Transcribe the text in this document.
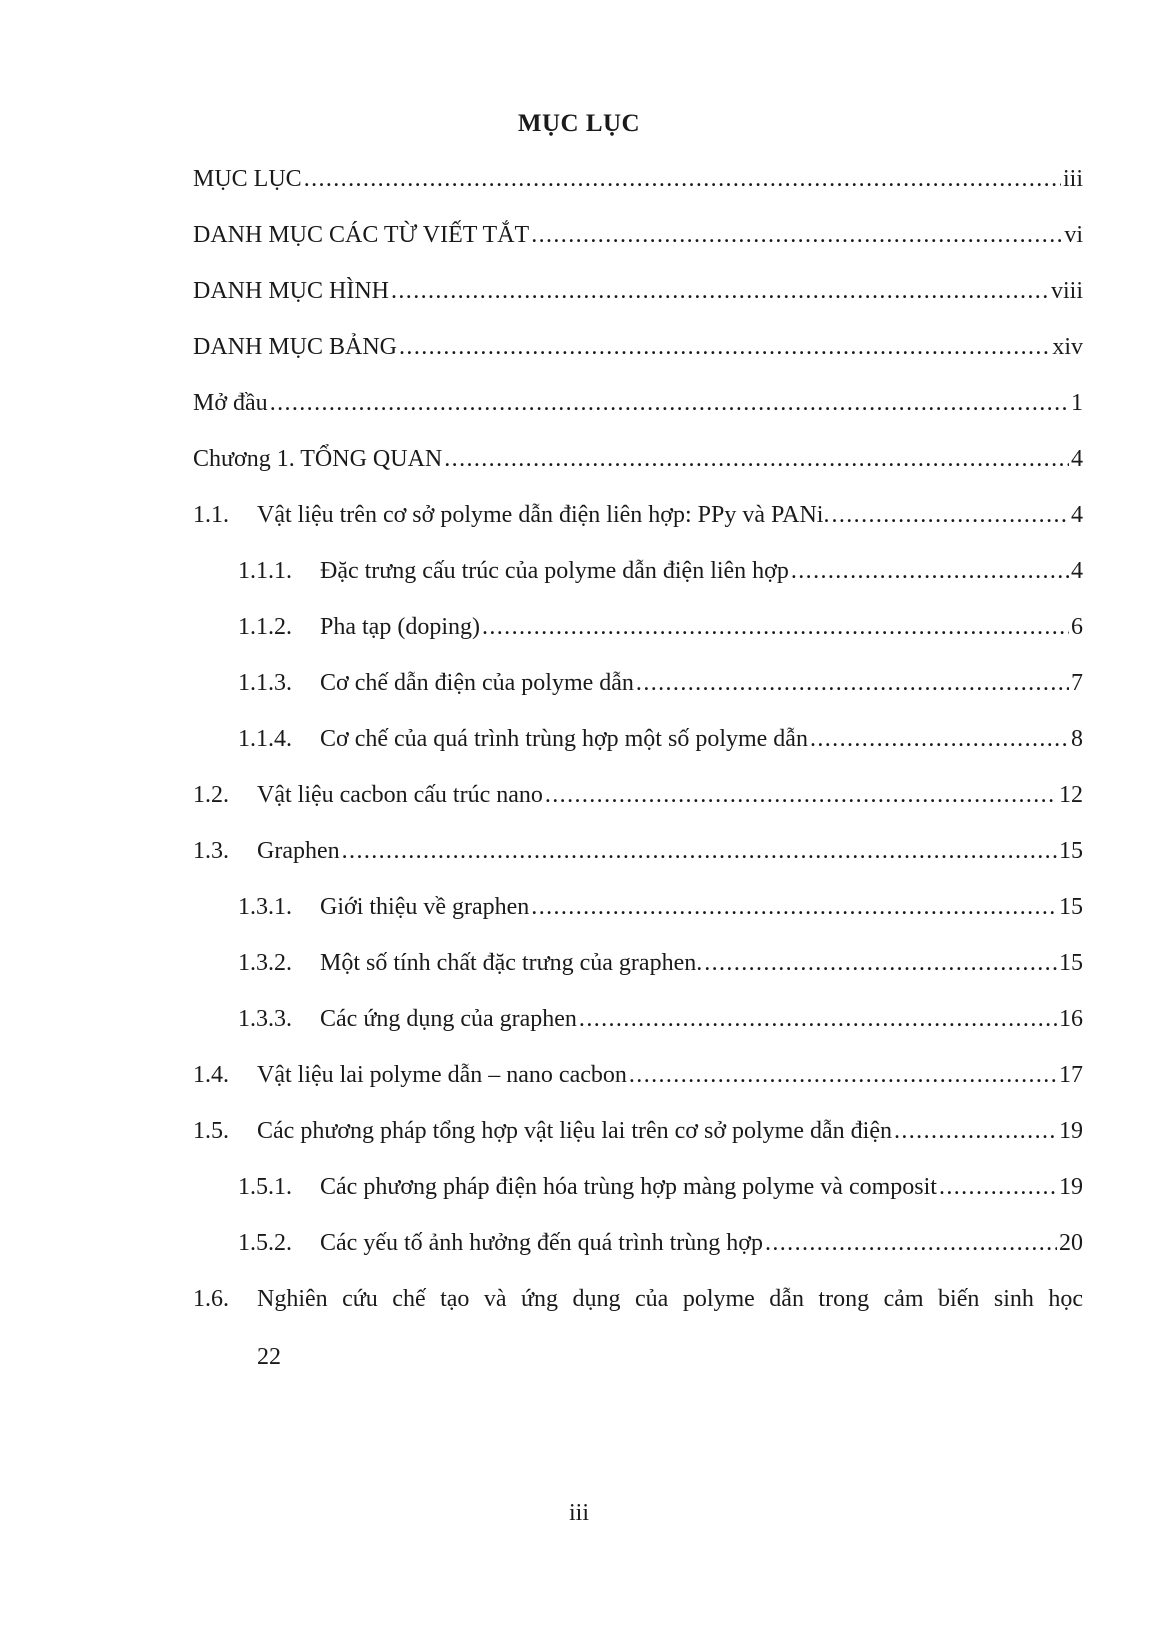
MỤC LỤC
MỤC LỤC .....	iii
DANH MỤC CÁC TỪ VIẾT TẮT .....	vi
DANH MỤC HÌNH .....	viii
DANH MỤC BẢNG .....	xiv
Mở đầu .....	1
Chương 1. TỔNG QUAN .....	4
1.1.	Vật liệu trên cơ sở polyme dẫn điện liên hợp: PPy và PANi. .....	4
1.1.1.	Đặc trưng cấu trúc của polyme dẫn điện liên hợp .....	4
1.1.2.	Pha tạp (doping) .....	6
1.1.3.	Cơ chế dẫn điện của polyme dẫn .....	7
1.1.4.	Cơ chế của quá trình trùng hợp một số polyme dẫn .....	8
1.2.	Vật liệu cacbon cấu trúc nano .....	12
1.3.	Graphen .....	15
1.3.1.	Giới thiệu về graphen .....	15
1.3.2.	Một số tính chất đặc trưng của graphen. .....	15
1.3.3.	Các ứng dụng của graphen .....	16
1.4.	Vật liệu lai polyme dẫn – nano cacbon .....	17
1.5.	Các phương pháp tổng hợp vật liệu lai trên cơ sở polyme dẫn điện .....	19
1.5.1.	Các phương pháp điện hóa trùng hợp màng polyme và composit .....	19
1.5.2.	Các yếu tố ảnh hưởng đến quá trình trùng hợp .....	20
1.6.	Nghiên cứu chế tạo và ứng dụng của polyme dẫn trong cảm biến sinh học
22
iii
